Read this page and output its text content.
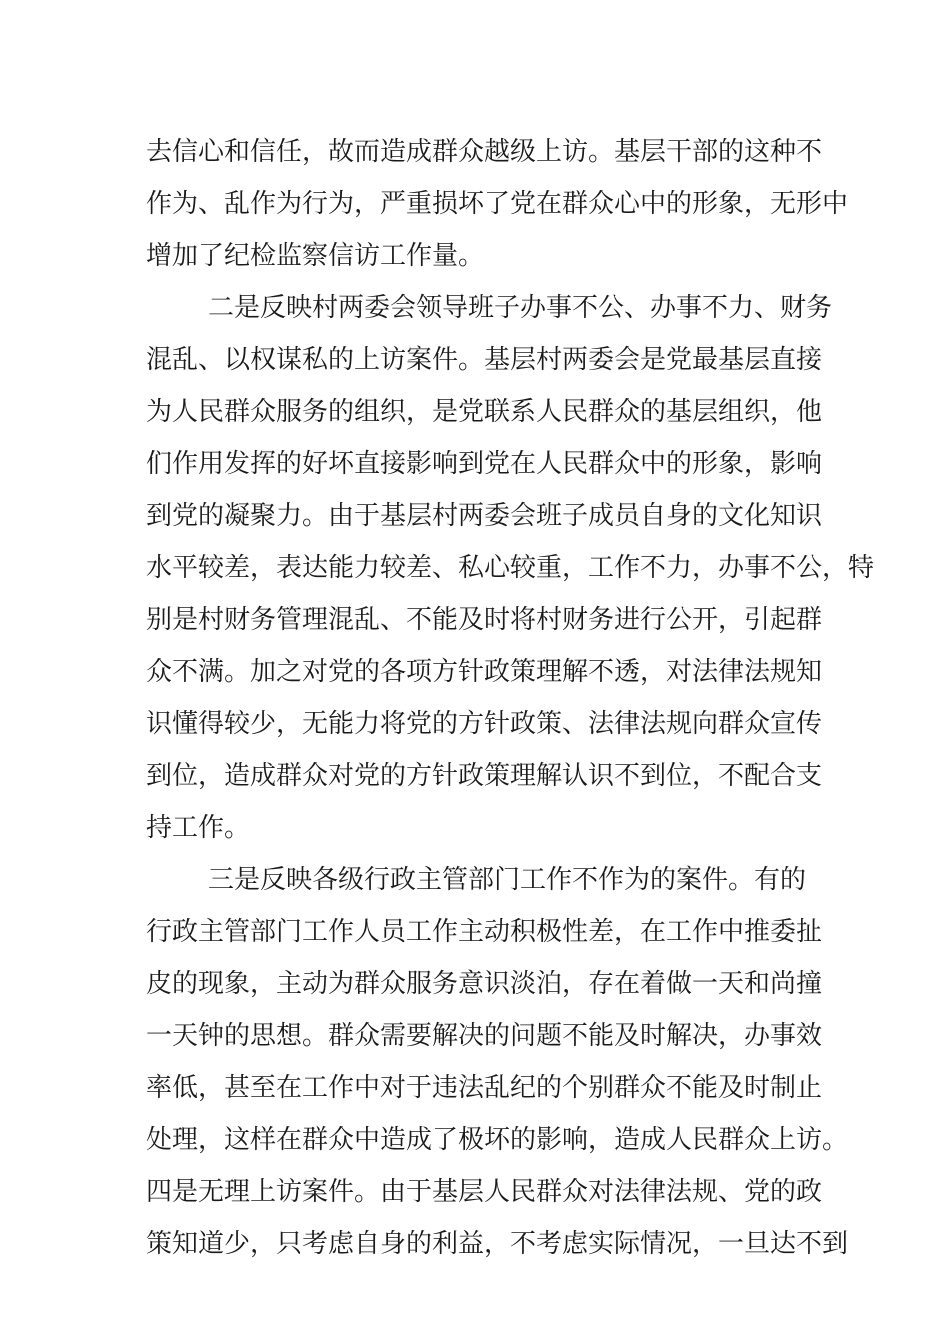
去信心和信任，故而造成群众越级上访。基层干部的这种不
作为、乱作为行为，严重损坏了党在群众心中的形象，无形中
增加了纪检监察信访工作量。
二是反映村两委会领导班子办事不公、办事不力、财务
混乱、以权谋私的上访案件。基层村两委会是党最基层直接
为人民群众服务的组织，是党联系人民群众的基层组织，他
们作用发挥的好坏直接影响到党在人民群众中的形象，影响
到党的凝聚力。由于基层村两委会班子成员自身的文化知识
水平较差，表达能力较差、私心较重，工作不力，办事不公，特
别是村财务管理混乱、不能及时将村财务进行公开，引起群
众不满。加之对党的各项方针政策理解不透，对法律法规知
识懂得较少，无能力将党的方针政策、法律法规向群众宣传
到位，造成群众对党的方针政策理解认识不到位，不配合支
持工作。
三是反映各级行政主管部门工作不作为的案件。有的
行政主管部门工作人员工作主动积极性差，在工作中推委扯
皮的现象，主动为群众服务意识淡泊，存在着做一天和尚撞
一天钟的思想。群众需要解决的问题不能及时解决，办事效
率低，甚至在工作中对于违法乱纪的个别群众不能及时制止
处理，这样在群众中造成了极坏的影响，造成人民群众上访。
四是无理上访案件。由于基层人民群众对法律法规、党的政
策知道少，只考虑自身的利益，不考虑实际情况，一旦达不到
